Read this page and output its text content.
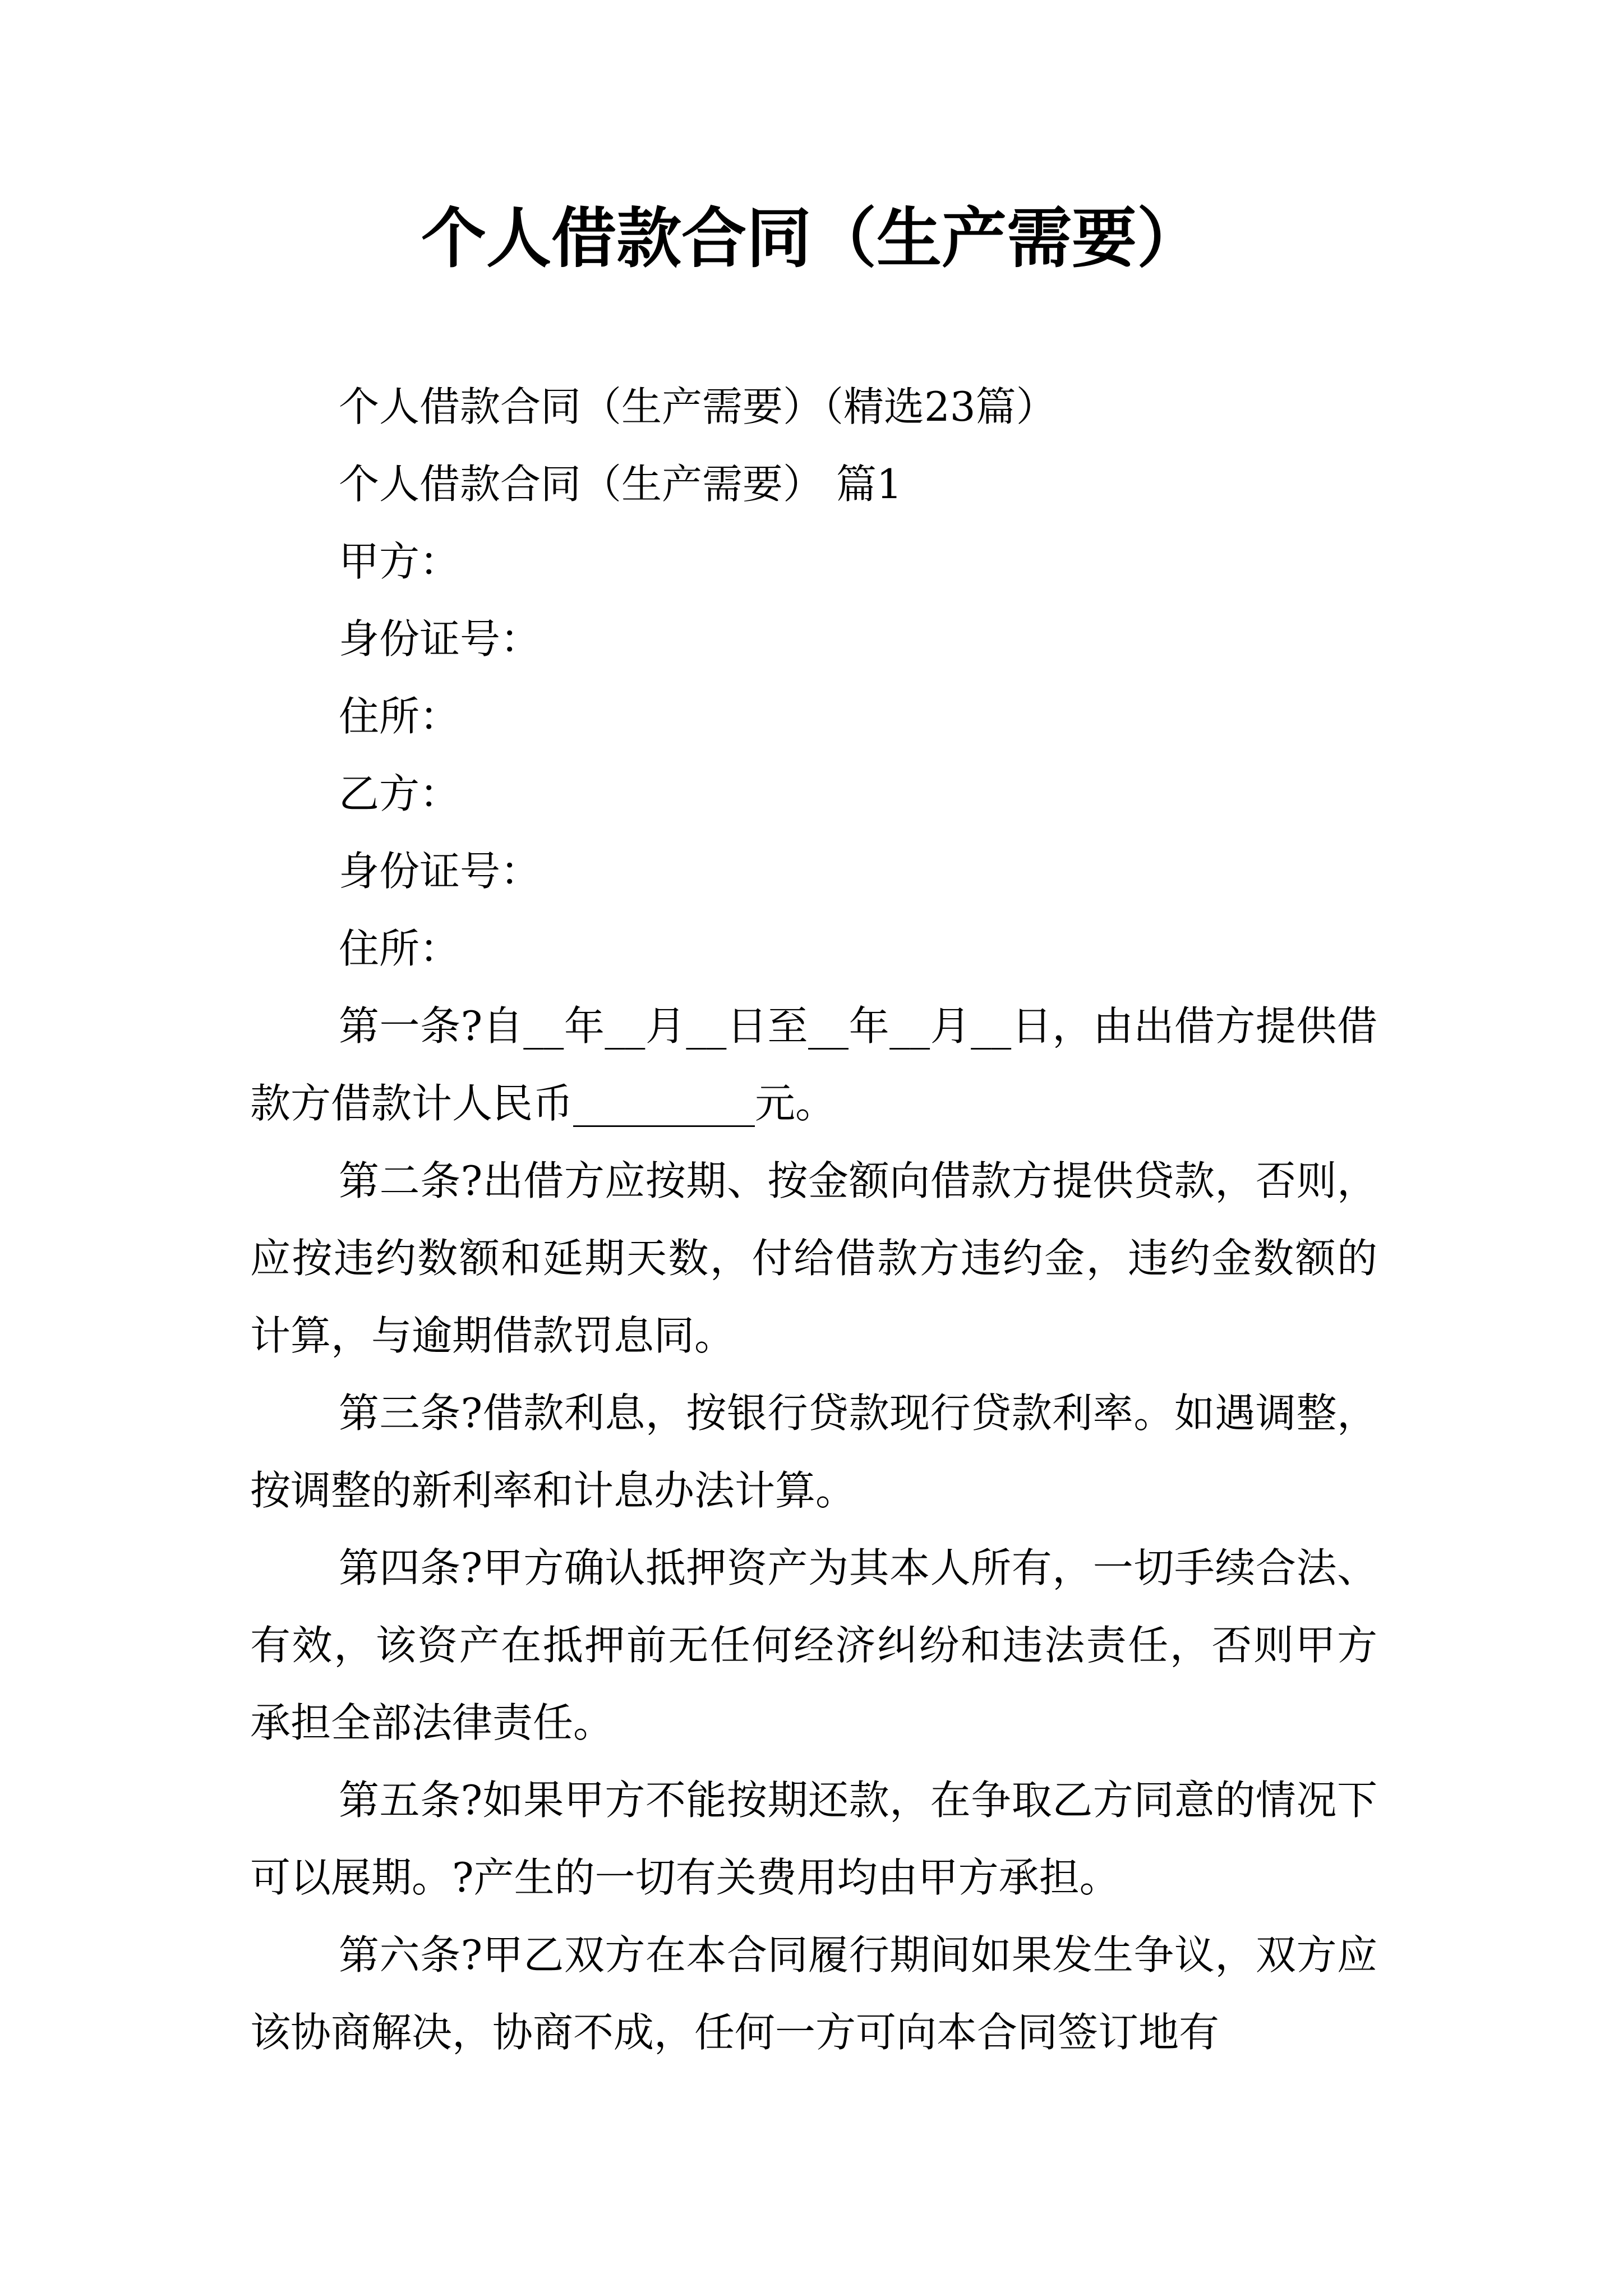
个人借款合同（生产需要）

个人借款合同（生产需要）（精选23篇）

个人借款合同（生产需要） 篇1

甲方：

身份证号：

住所：

乙方：

身份证号：

住所：

第一条?自__年__月__日至__年__月__日，由出借方提供借款方借款计人民币_________元。

第二条?出借方应按期、按金额向借款方提供贷款，否则，应按违约数额和延期天数，付给借款方违约金，违约金数额的计算，与逾期借款罚息同。

第三条?借款利息，按银行贷款现行贷款利率。如遇调整，按调整的新利率和计息办法计算。

第四条?甲方确认抵押资产为其本人所有，一切手续合法、有效，该资产在抵押前无任何经济纠纷和违法责任，否则甲方承担全部法律责任。

第五条?如果甲方不能按期还款，在争取乙方同意的情况下可以展期。?产生的一切有关费用均由甲方承担。

第六条?甲乙双方在本合同履行期间如果发生争议，双方应该协商解决，协商不成，任何一方可向本合同签订地有
